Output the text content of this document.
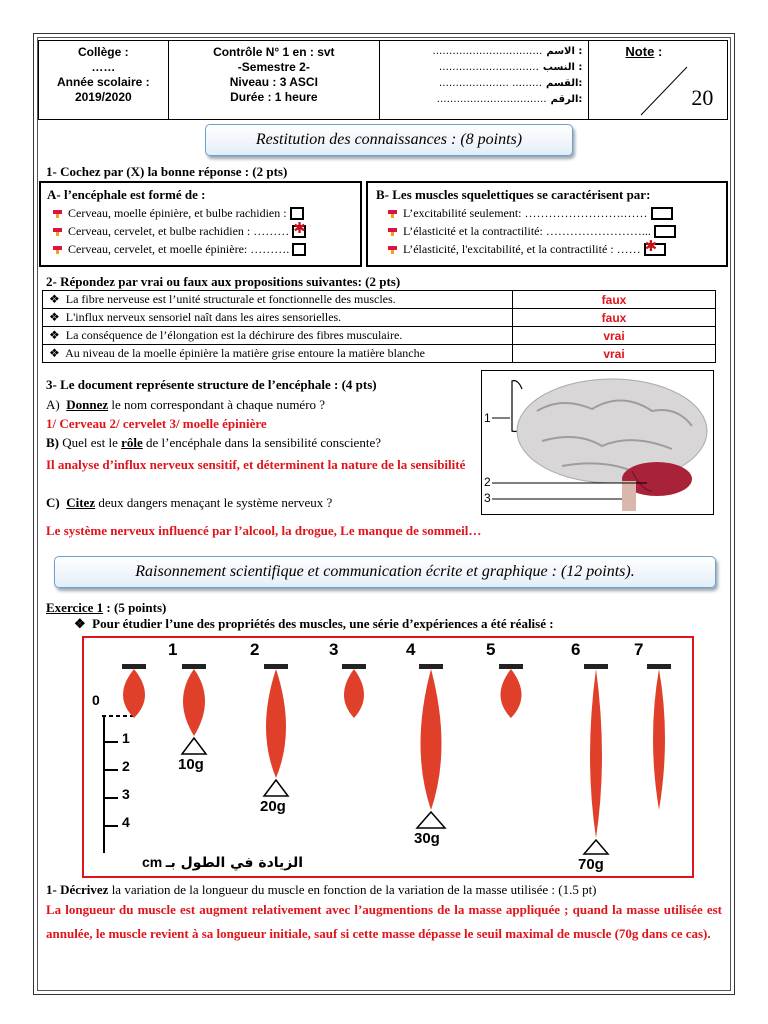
Collège :
……
Année scolaire :
2019/2020
Contrôle N° 1 en : svt
-Semestre 2-
Niveau : 3 ASCI
Durée : 1 heure
…………………………… الاسم :
………………………… النسب :
………………… ……… القسم:
…………………………… الرقم:
Note :
20
Restitution des connaissances : (8 points)
1- Cochez par (X) la bonne réponse : (2 pts)
A- l’encéphale est formé de :
Cerveau, moelle épinière, et bulbe rachidien :
Cerveau, cervelet, et bulbe rachidien : ………
✱
Cerveau, cervelet, et moelle épinière: ……….
B- Les muscles squelettiques se caractérisent par:
L’excitabilité seulement: …………………….……
L’élasticité et la contractilité: ……………………...
L’élasticité, l'excitabilité, et la contractilité : ……
✱
2- Répondez par vrai ou faux aux propositions suivantes: (2 pts)
❖  La fibre nerveuse est l’unité structurale et fonctionnelle des muscles.	faux
❖  L'influx nerveux sensoriel naît dans les aires sensorielles.	faux
❖  La conséquence de l’élongation est la déchirure des fibres musculaire.	vrai
❖  Au niveau de la moelle épinière la matière grise entoure la matière blanche	vrai
3- Le document représente structure de l’encéphale : (4 pts)
A) Donnez le nom correspondant à chaque numéro ?
1/ Cerveau 2/ cervelet 3/ moelle épinière
B) Quel est le rôle de l’encéphale dans la sensibilité consciente?
Il analyse d’influx nerveux sensitif, et déterminent la nature de la sensibilité
C) Citez deux dangers menaçant le système nerveux ?
Le système nerveux influencé par l’alcool, la drogue, Le manque de sommeil…
1
2
3
Raisonnement scientifique et communication écrite et graphique : (12 points).
Exercice 1 : (5 points)
❖  Pour étudier l’une des propriétés des muscles, une série d’expériences a été réalisé :
1	2	3	4	5	6	7
0
1
2
3
4
10g
20g
30g
70g
cm الزيادة في الطول بـ
1- Décrivez la variation de la longueur du muscle en fonction de la variation de la masse utilisée : (1.5 pt)
La longueur du muscle est augment relativement avec l’augmentions de la masse appliquée ; quand la masse utilisée est annulée, le muscle revient à sa longueur initiale, sauf si cette masse dépasse le seuil maximal de muscle (70g dans ce cas).
